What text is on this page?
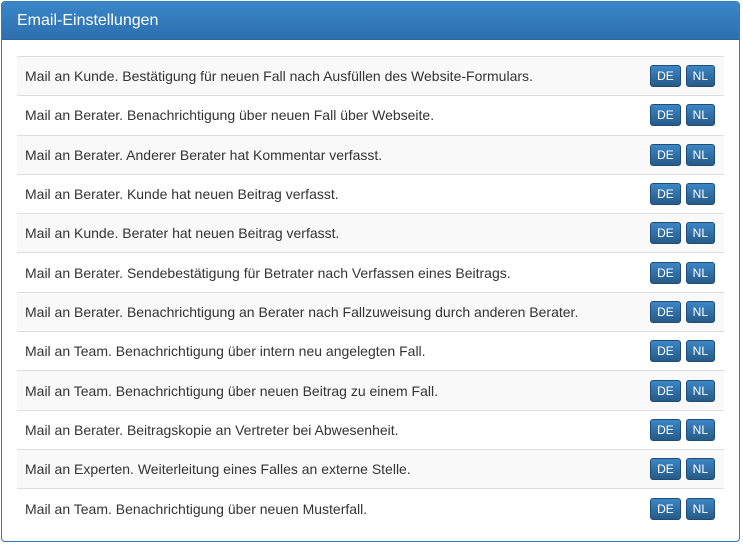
Email-Einstellungen
Mail an Kunde. Bestätigung für neuen Fall nach Ausfüllen des Website-Formulars.	DE NL
Mail an Berater. Benachrichtigung über neuen Fall über Webseite.	DE NL
Mail an Berater. Anderer Berater hat Kommentar verfasst.	DE NL
Mail an Berater. Kunde hat neuen Beitrag verfasst.	DE NL
Mail an Kunde. Berater hat neuen Beitrag verfasst.	DE NL
Mail an Berater. Sendebestätigung für Betrater nach Verfassen eines Beitrags.	DE NL
Mail an Berater. Benachrichtigung an Berater nach Fallzuweisung durch anderen Berater.	DE NL
Mail an Team. Benachrichtigung über intern neu angelegten Fall.	DE NL
Mail an Team. Benachrichtigung über neuen Beitrag zu einem Fall.	DE NL
Mail an Berater. Beitragskopie an Vertreter bei Abwesenheit.	DE NL
Mail an Experten. Weiterleitung eines Falles an externe Stelle.	DE NL
Mail an Team. Benachrichtigung über neuen Musterfall.	DE NL
